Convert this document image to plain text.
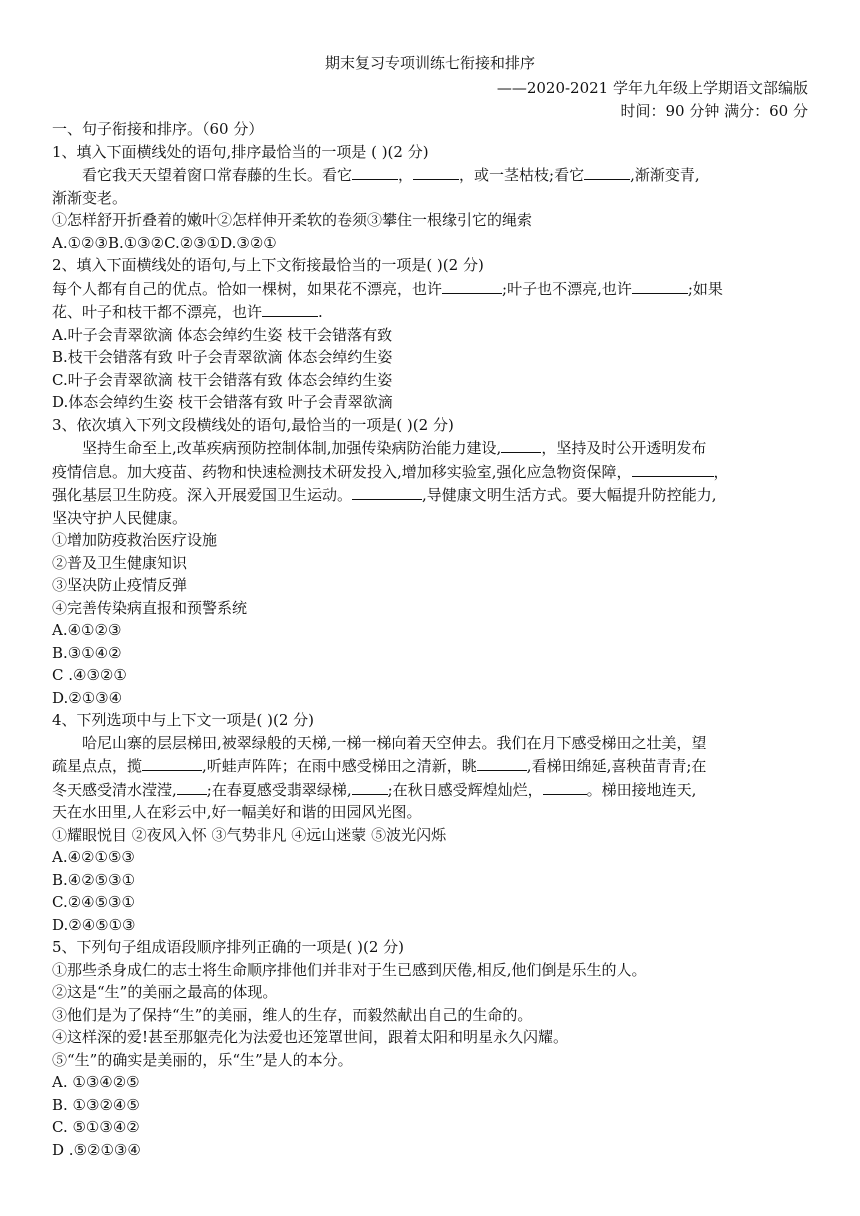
期末复习专项训练七衔接和排序
——2020-2021 学年九年级上学期语文部编版
时间：90 分钟 满分：60 分
一、句子衔接和排序。（60 分）
1、填入下面横线处的语句,排序最恰当的一项是 ( )(2 分)
看它我天天望着窗口常春藤的生长。看它	，	，或一茎枯枝;看它	,渐渐变青,
渐渐变老。
①怎样舒开折叠着的嫩叶②怎样伸开柔软的卷须③攀住一根缘引它的绳索
A.①②③B.①③②C.②③①D.③②①
2、填入下面横线处的语句,与上下文衔接最恰当的一项是( )(2 分)
每个人都有自己的优点。恰如一棵树，如果花不漂亮，也许	;叶子也不漂亮,也许	;如果
花、叶子和枝干都不漂亮，也许	.
A.叶子会青翠欲滴 体态会绰约生姿 枝干会错落有致
B.枝干会错落有致 叶子会青翠欲滴 体态会绰约生姿
C.叶子会青翠欲滴 枝干会错落有致 体态会绰约生姿
D.体态会绰约生姿 枝干会错落有致 叶子会青翠欲滴
3、依次填入下列文段横线处的语句,最恰当的一项是( )(2 分)
坚持生命至上,改革疾病预防控制体制,加强传染病防治能力建设,	，坚持及时公开透明发布
疫情信息。加大疫苗、药物和快速检测技术研发投入,增加移实验室,强化应急物资保障，	，
强化基层卫生防疫。深入开展爱国卫生运动。	,导健康文明生活方式。要大幅提升防控能力,
坚决守护人民健康。
①增加防疫救治医疗设施
②普及卫生健康知识
③坚决防止疫情反弹
④完善传染病直报和预警系统
A.④①②③
B.③①④②
C .④③②①
D.②①③④
4、下列选项中与上下文一项是( )(2 分)
哈尼山寨的层层梯田,被翠绿般的天梯,一梯一梯向着天空伸去。我们在月下感受梯田之壮美，望
疏星点点，揽	,听蛙声阵阵；在雨中感受梯田之清新，眺	,看梯田绵延,喜秧苗青青;在
冬天感受清水滢滢, ;在春夏感受翡翠绿梯, ;在秋日感受辉煌灿烂，	。梯田接地连天,
天在水田里,人在彩云中,好一幅美好和谐的田园风光图。
①耀眼悦目 ②夜风入怀 ③气势非凡 ④远山迷蒙 ⑤波光闪烁
A.④②①⑤③
B.④②⑤③①
C.②④⑤③①
D.②④⑤①③
5、下列句子组成语段顺序排列正确的一项是( )(2 分)
①那些杀身成仁的志士将生命顺序排他们并非对于生已感到厌倦,相反,他们倒是乐生的人。
②这是“生”的美丽之最高的体现。
③他们是为了保持“生”的美丽，维人的生存，而毅然献出自己的生命的。
④这样深的爱!甚至那躯壳化为法爱也还笼罩世间，跟着太阳和明星永久闪耀。
⑤“生”的确实是美丽的，乐“生”是人的本分。
A. ①③④②⑤
B. ①③②④⑤
C. ⑤①③④②
D .⑤②①③④
